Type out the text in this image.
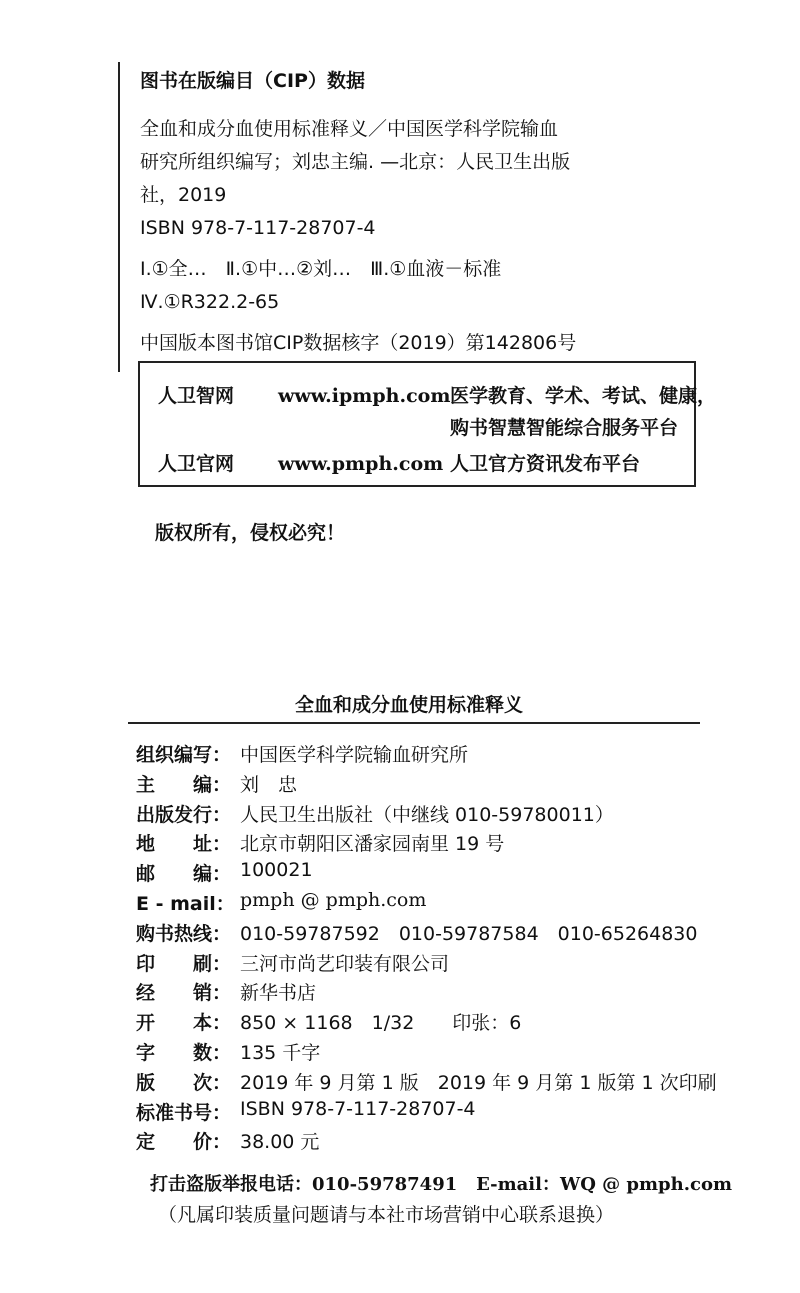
图书在版编目（CIP）数据

全血和成分血使用标准释义／中国医学科学院输血

研究所组织编写；刘忠主编. —北京：人民卫生出版

社，2019

ISBN 978-7-117-28707-4

Ⅰ.①全…　Ⅱ.①中…②刘…　Ⅲ.①血液－标准

Ⅳ.①R322.2-65

中国版本图书馆CIP数据核字（2019）第142806号

人卫智网 www.ipmph.com医学教育、学术、考试、健康，
购书智慧智能综合服务平台
人卫官网 www.pmph.com 人卫官方资讯发布平台
版权所有，侵权必究！
全血和成分血使用标准释义
组织编写： 中国医学科学院输血研究所
主　　编： 刘　忠
出版发行： 人民卫生出版社（中继线 010-59780011）
地　　址： 北京市朝阳区潘家园南里 19 号
邮　　编： 100021
E - mail： pmph @ pmph.com
购书热线： 010-59787592　010-59787584　010-65264830
印　　刷： 三河市尚艺印装有限公司
经　　销： 新华书店
开　　本： 850 × 1168　1/32　　印张：6
字　　数： 135 千字
版　　次： 2019 年 9 月第 1 版　2019 年 9 月第 1 版第 1 次印刷
标准书号： ISBN 978-7-117-28707-4
定　　价： 38.00 元
打击盗版举报电话：010-59787491 E-mail：WQ @ pmph.com
（凡属印装质量问题请与本社市场营销中心联系退换）
